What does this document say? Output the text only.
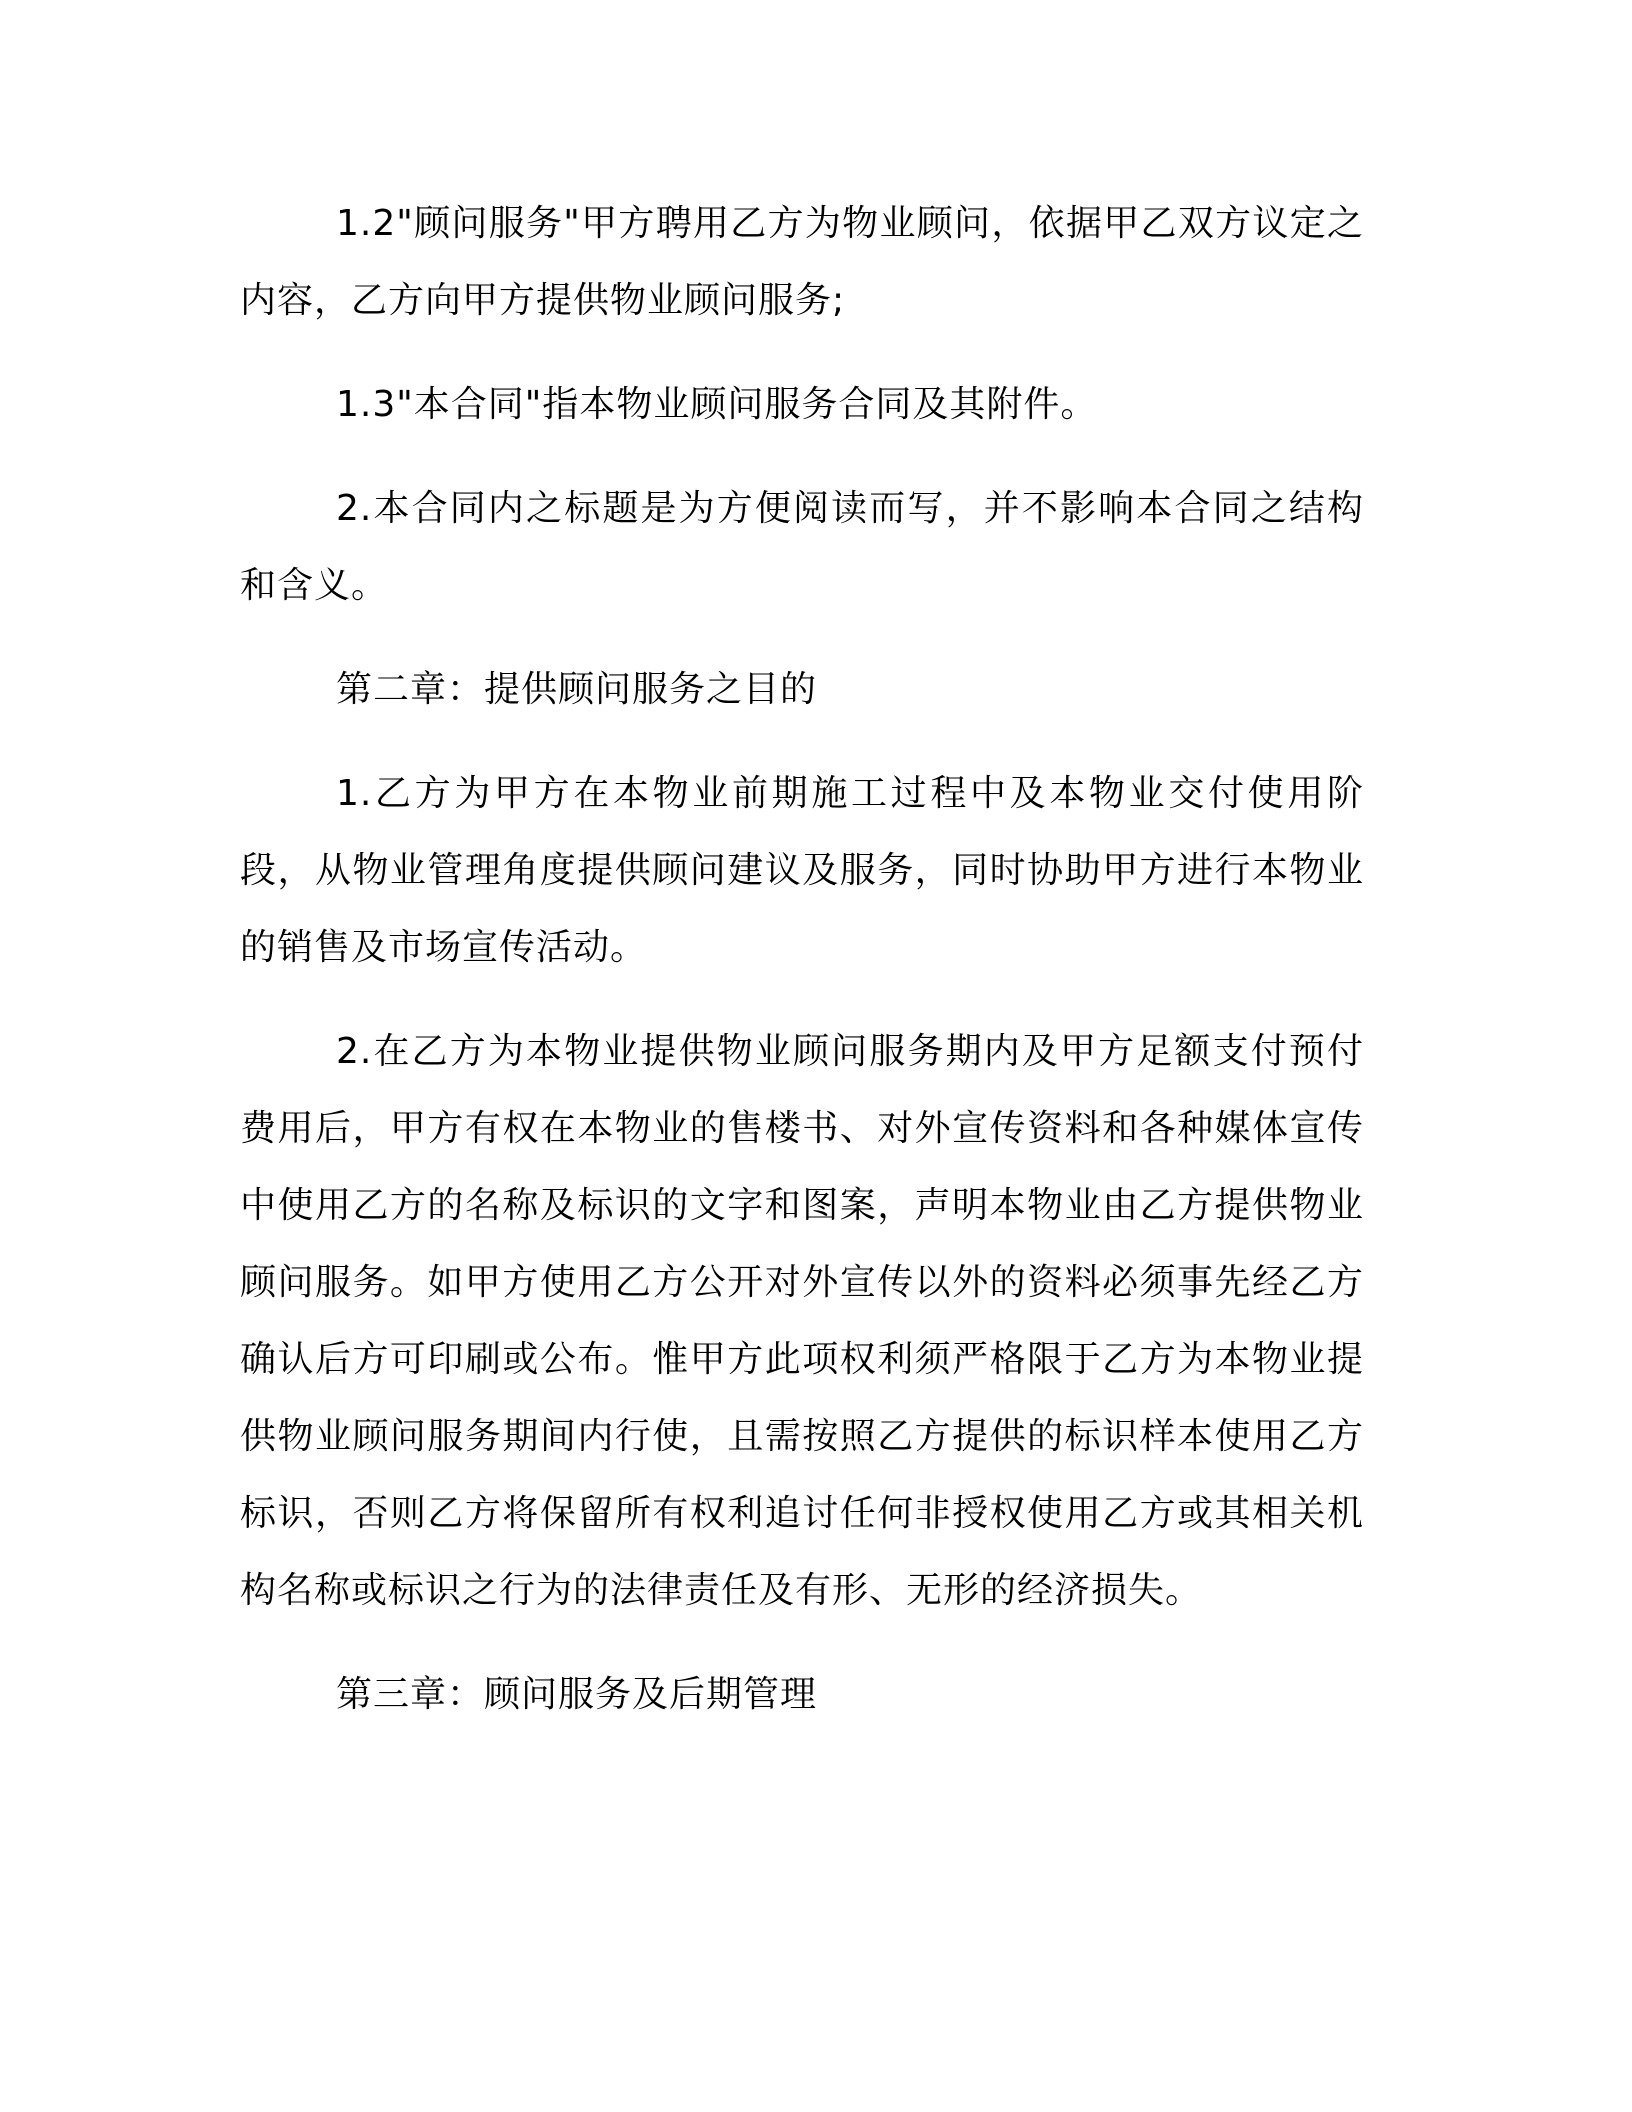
1.2"顾问服务"甲方聘用乙方为物业顾问，依据甲乙双方议定之内容，乙方向甲方提供物业顾问服务;

1.3"本合同"指本物业顾问服务合同及其附件。

2.本合同内之标题是为方便阅读而写，并不影响本合同之结构和含义。

第二章：提供顾问服务之目的

1.乙方为甲方在本物业前期施工过程中及本物业交付使用阶段，从物业管理角度提供顾问建议及服务，同时协助甲方进行本物业的销售及市场宣传活动。

2.在乙方为本物业提供物业顾问服务期内及甲方足额支付预付费用后，甲方有权在本物业的售楼书、对外宣传资料和各种媒体宣传中使用乙方的名称及标识的文字和图案，声明本物业由乙方提供物业顾问服务。如甲方使用乙方公开对外宣传以外的资料必须事先经乙方确认后方可印刷或公布。惟甲方此项权利须严格限于乙方为本物业提供物业顾问服务期间内行使，且需按照乙方提供的标识样本使用乙方标识，否则乙方将保留所有权利追讨任何非授权使用乙方或其相关机构名称或标识之行为的法律责任及有形、无形的经济损失。

第三章：顾问服务及后期管理
